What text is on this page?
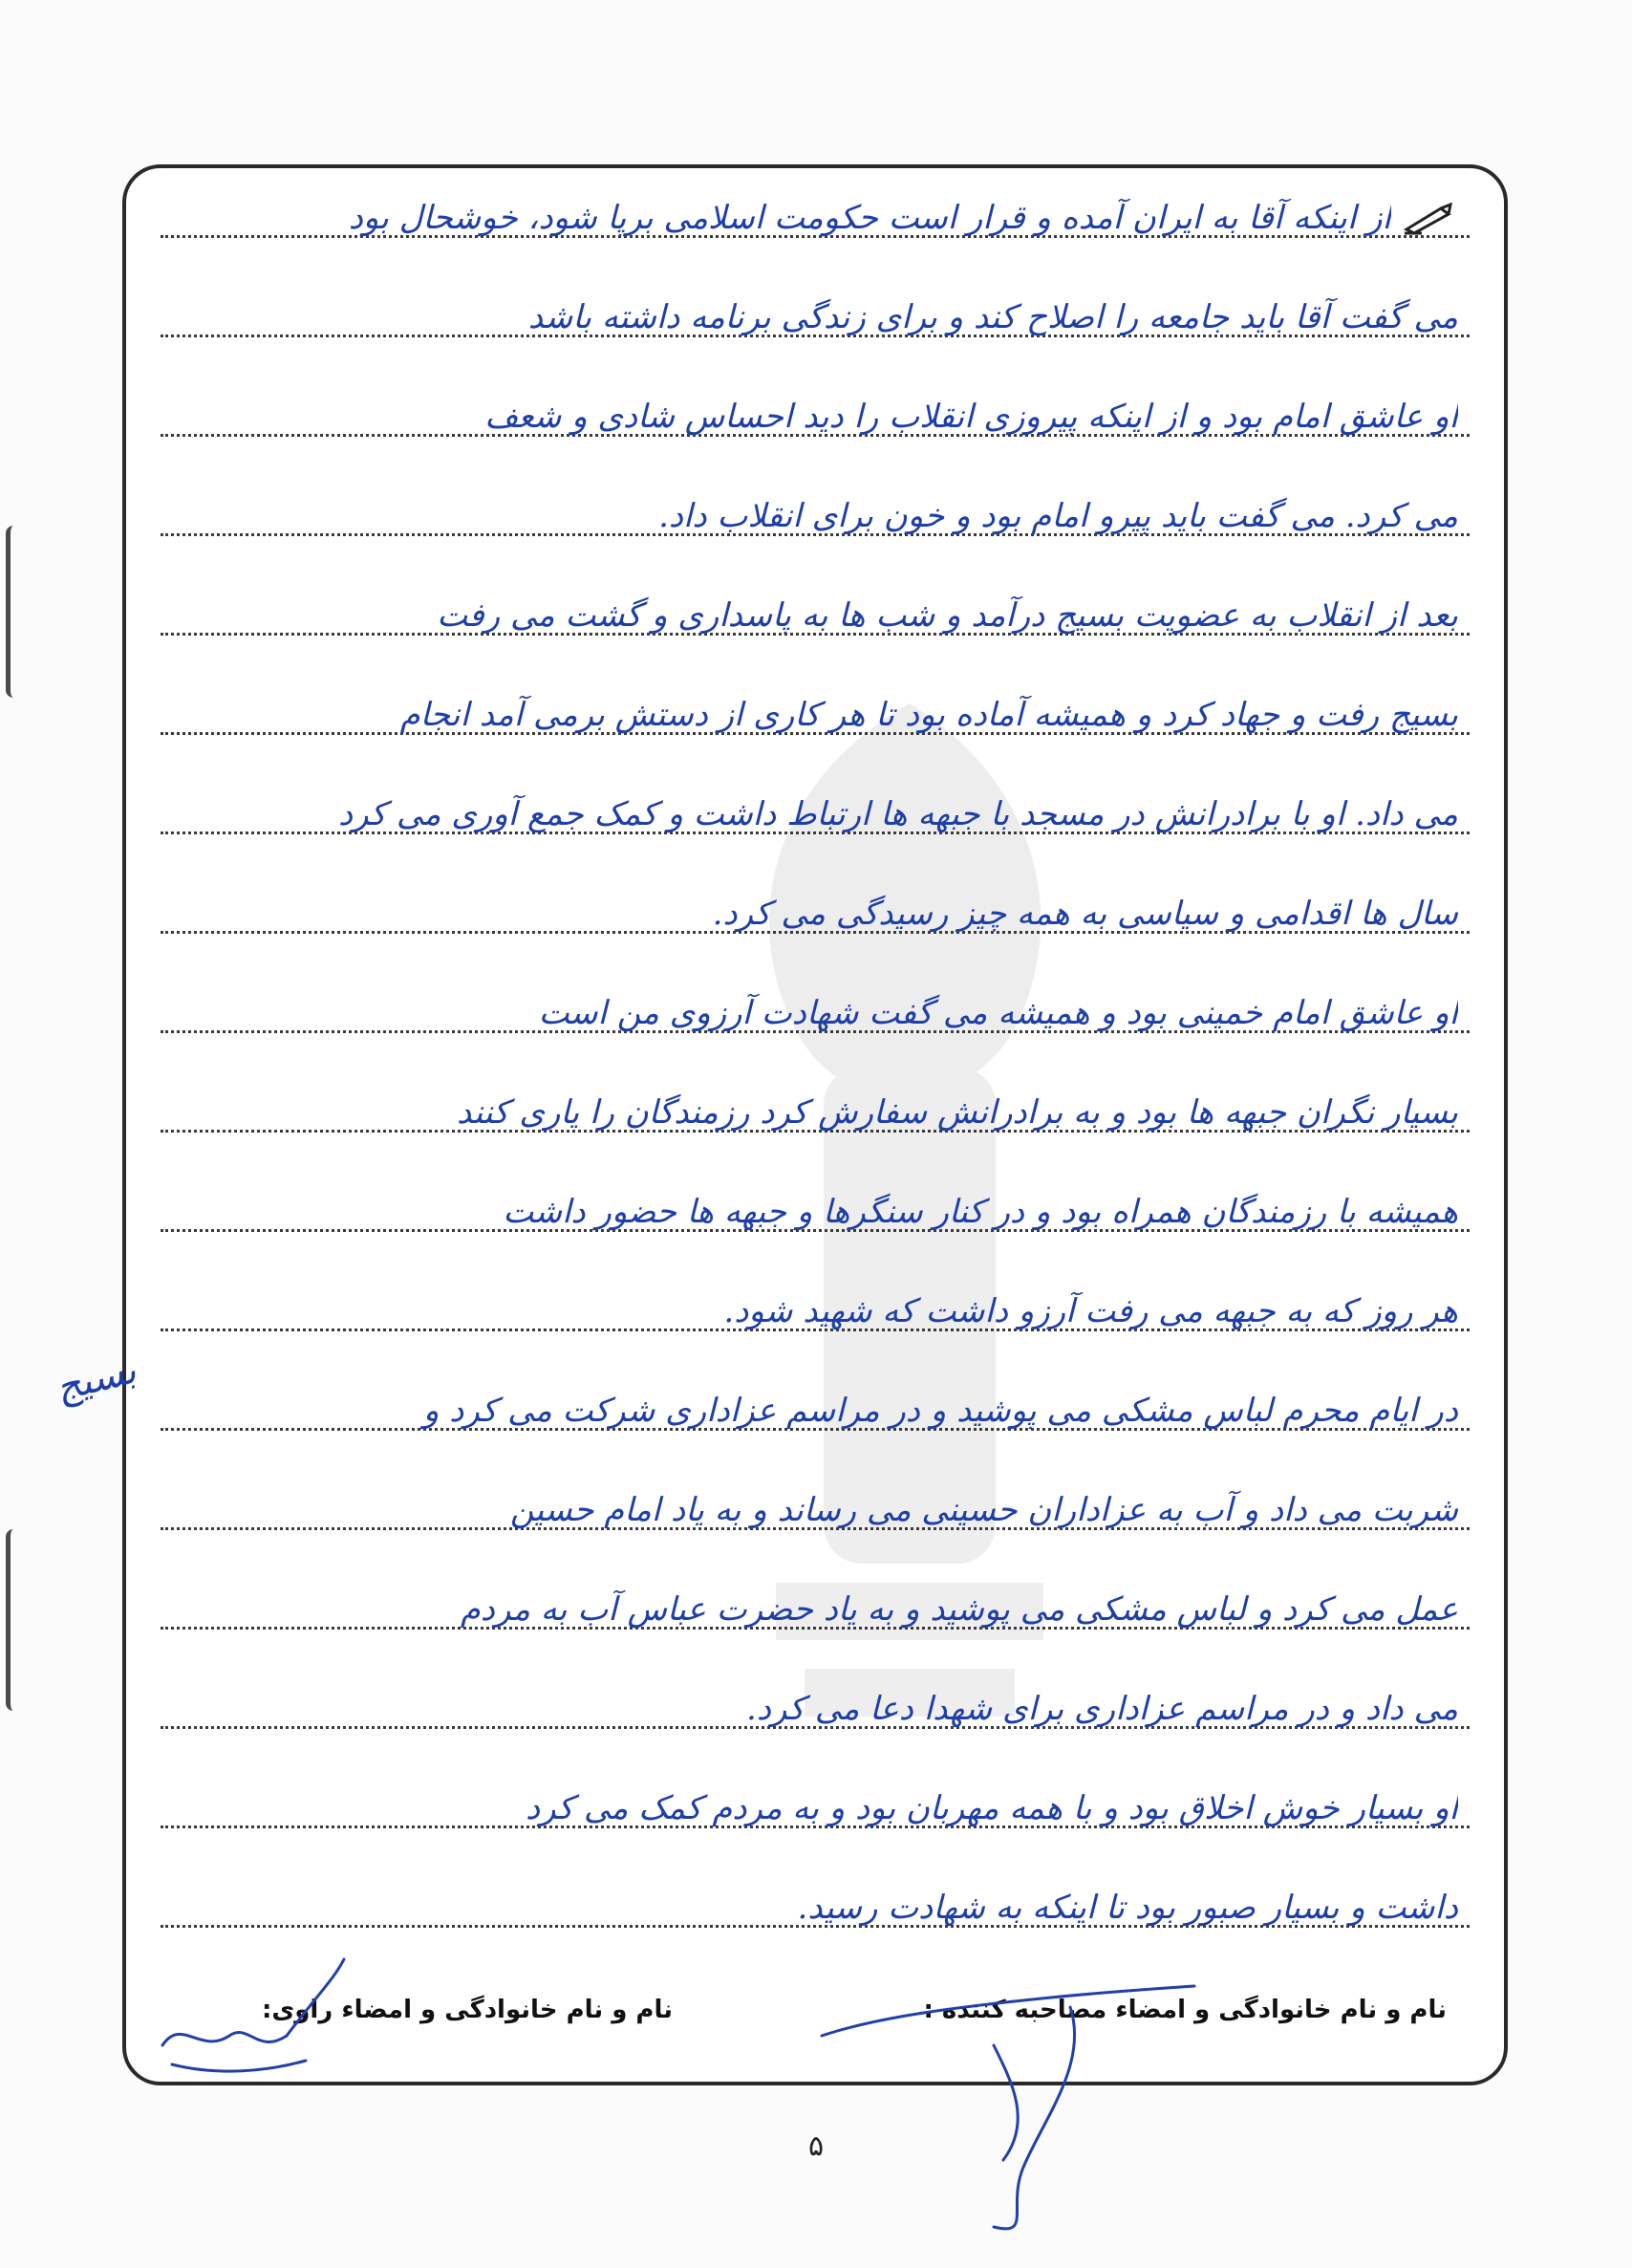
از اینکه آقا به ایران آمده و قرار است حکومت اسلامی برپا شود، خوشحال بود
می گفت آقا باید جامعه را اصلاح کند و برای زندگی برنامه داشته باشد
او عاشق امام بود و از اینکه پیروزی انقلاب را دید احساس شادی و شعف
می کرد. می گفت باید پیرو امام بود و خون برای انقلاب داد.
بعد از انقلاب به عضویت بسیج درآمد و شب ها به پاسداری و گشت می رفت
بسیج رفت و جهاد کرد و همیشه آماده بود تا هر کاری از دستش برمی آمد انجام
می داد. او با برادرانش در مسجد با جبهه ها ارتباط داشت و کمک جمع آوری می کرد
سال ها اقدامی و سیاسی به همه چیز رسیدگی می کرد.
او عاشق امام خمینی بود و همیشه می گفت شهادت آرزوی من است
بسیار نگران جبهه ها بود و به برادرانش سفارش کرد رزمندگان را یاری کنند
همیشه با رزمندگان همراه بود و در کنار سنگرها و جبهه ها حضور داشت
هر روز که به جبهه می رفت آرزو داشت که شهید شود.
در ایام محرم لباس مشکی می پوشید و در مراسم عزاداری شرکت می کرد و
شربت می داد و آب به عزاداران حسینی می رساند و به یاد امام حسین
عمل می کرد و لباس مشکی می پوشید و به یاد حضرت عباس آب به مردم
می داد و در مراسم عزاداری برای شهدا دعا می کرد.
او بسیار خوش اخلاق بود و با همه مهربان بود و به مردم کمک می کرد
داشت و بسیار صبور بود تا اینکه به شهادت رسید.
نام و نام خانوادگی و امضاء مصاحبه کننده :
نام و نام خانوادگی و امضاء راوی:
بسیج
۵
